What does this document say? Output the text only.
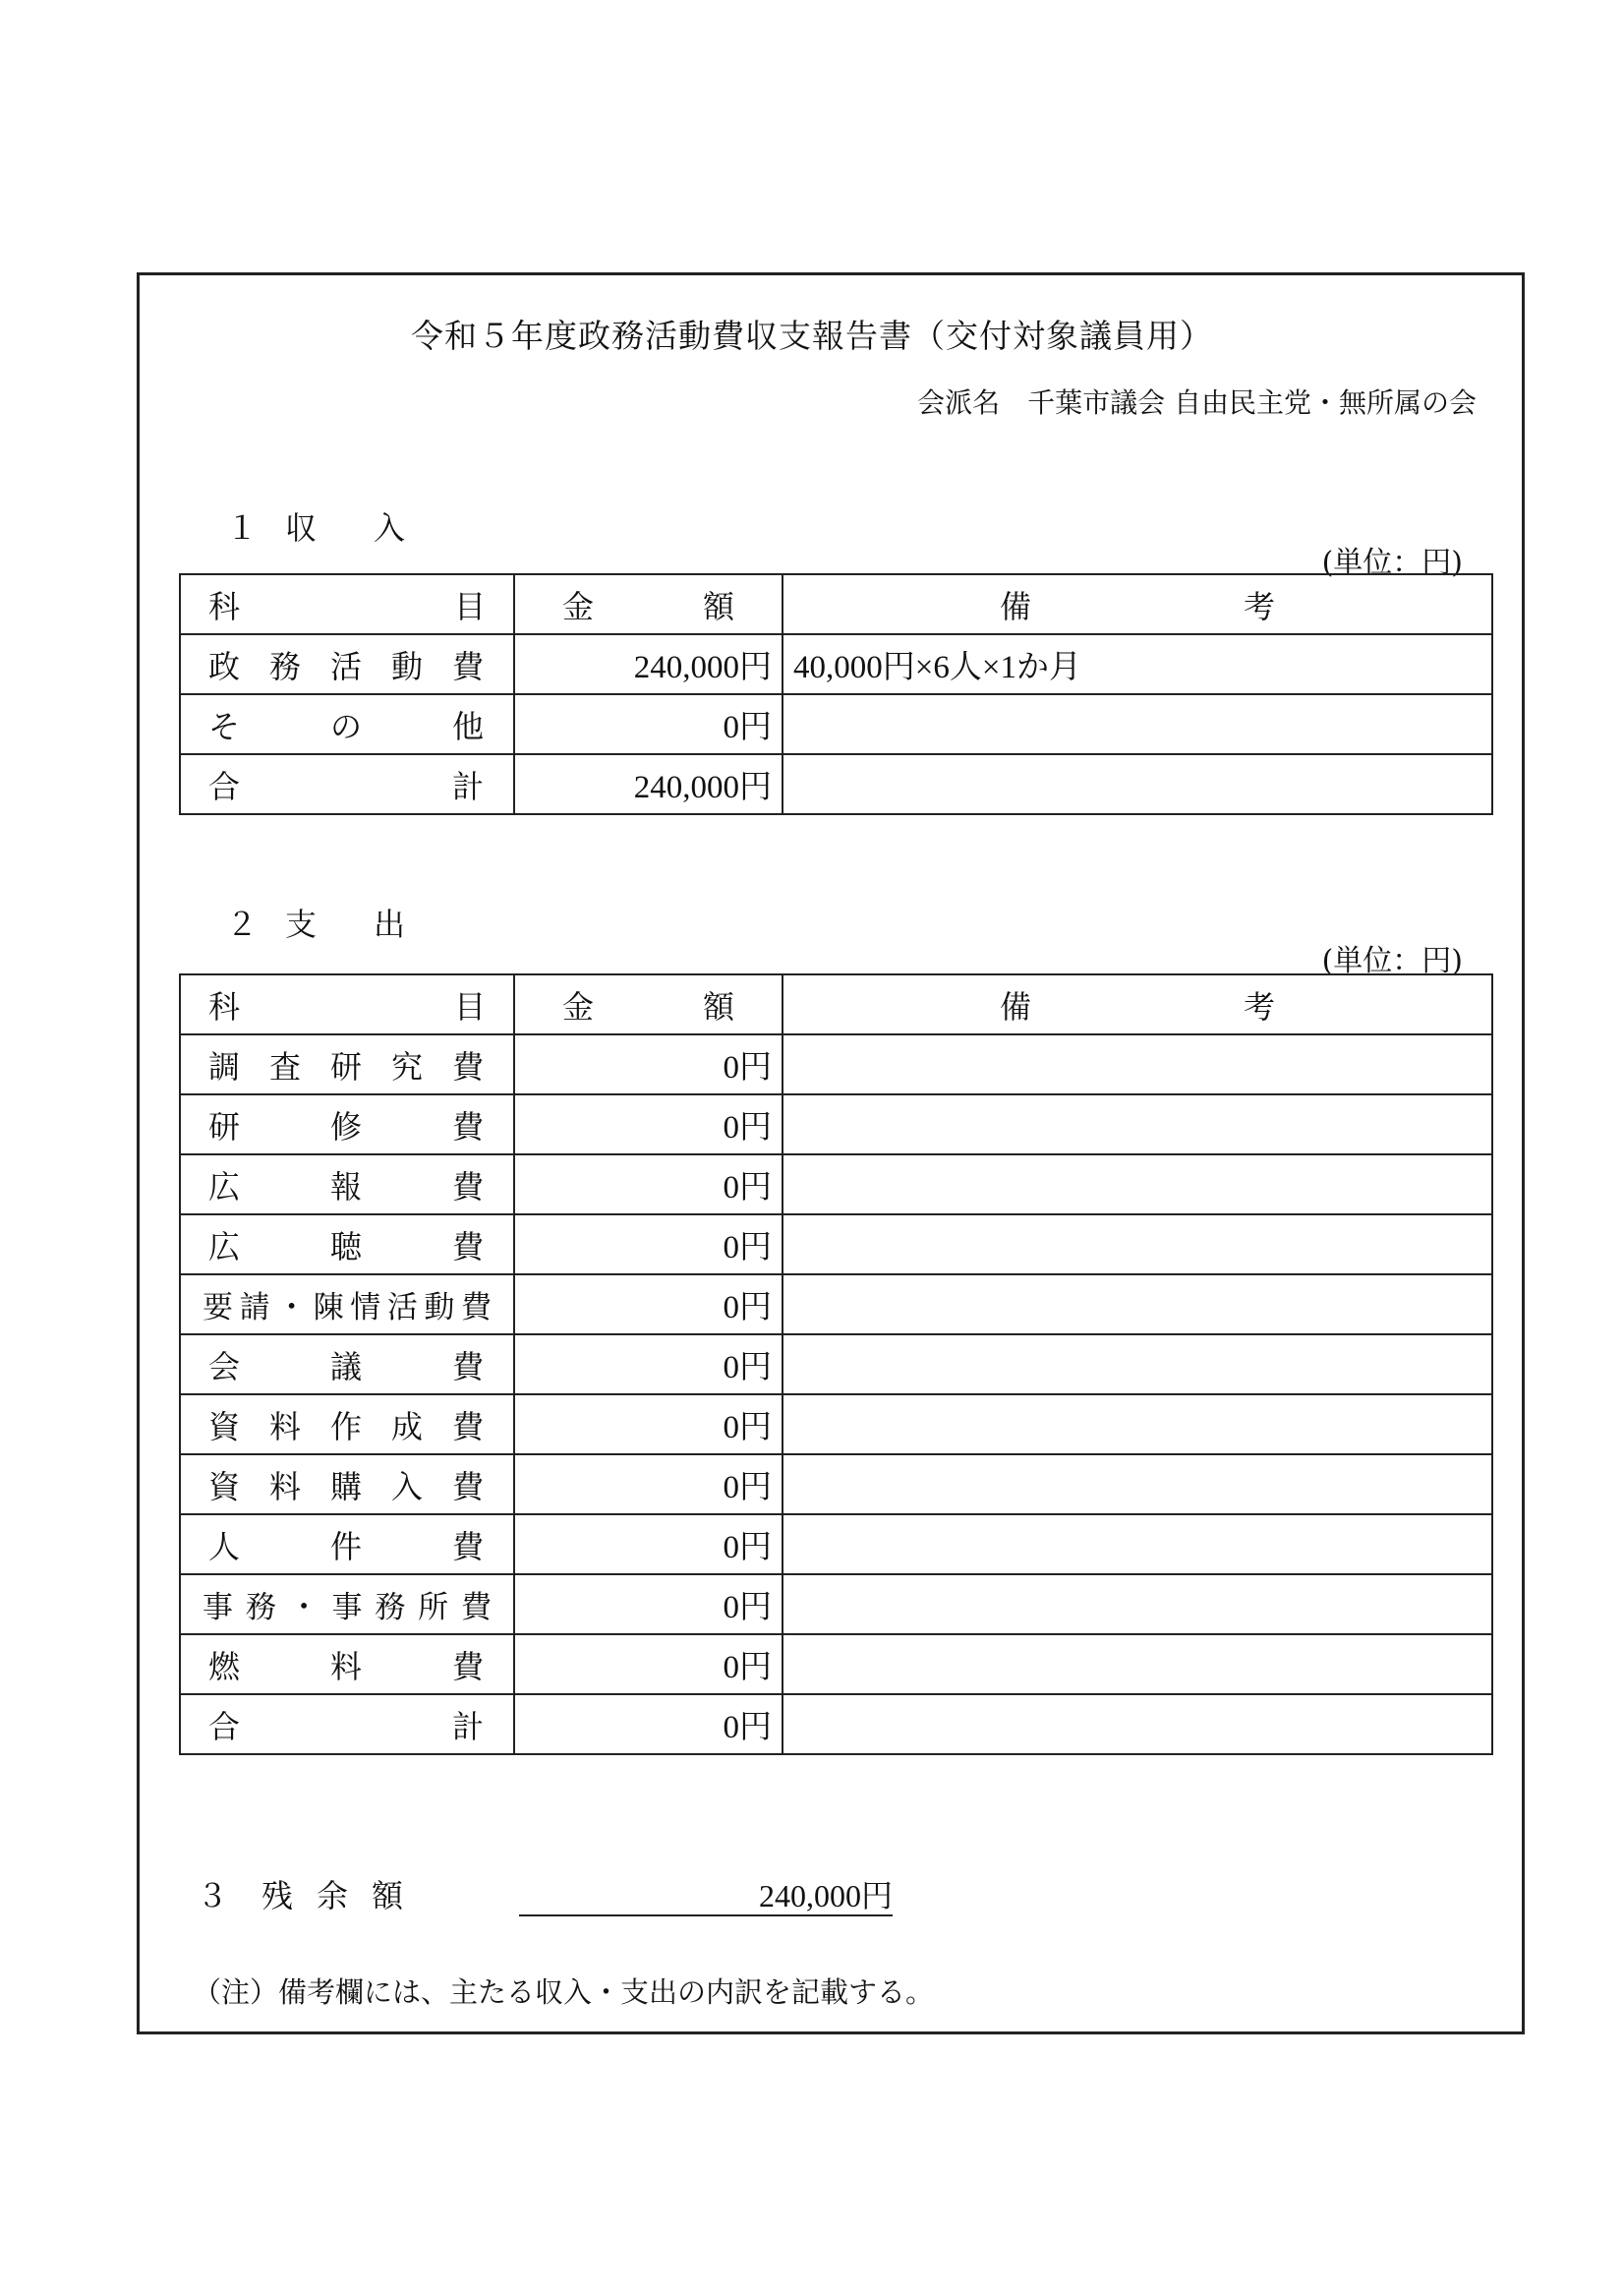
令和５年度政務活動費収支報告書（交付対象議員用）
会派名 千葉市議会 自由民主党・無所属の会
１ 収 入
(単位：円)
科目	金額	備考
政務活動費	240,000円	40,000円×6人×1か月
その他	0円	
合計	240,000円	
２ 支 出
(単位：円)
科目	金額	備考
調査研究費	0円	
研修費	0円	
広報費	0円	
広聴費	0円	
要請・陳情活動費	0円	
会議費	0円	
資料作成費	0円	
資料購入費	0円	
人件費	0円	
事務・事務所費	0円	
燃料費	0円	
合計	0円	
３ 残余額	240,000円
（注）備考欄には、主たる収入・支出の内訳を記載する。
